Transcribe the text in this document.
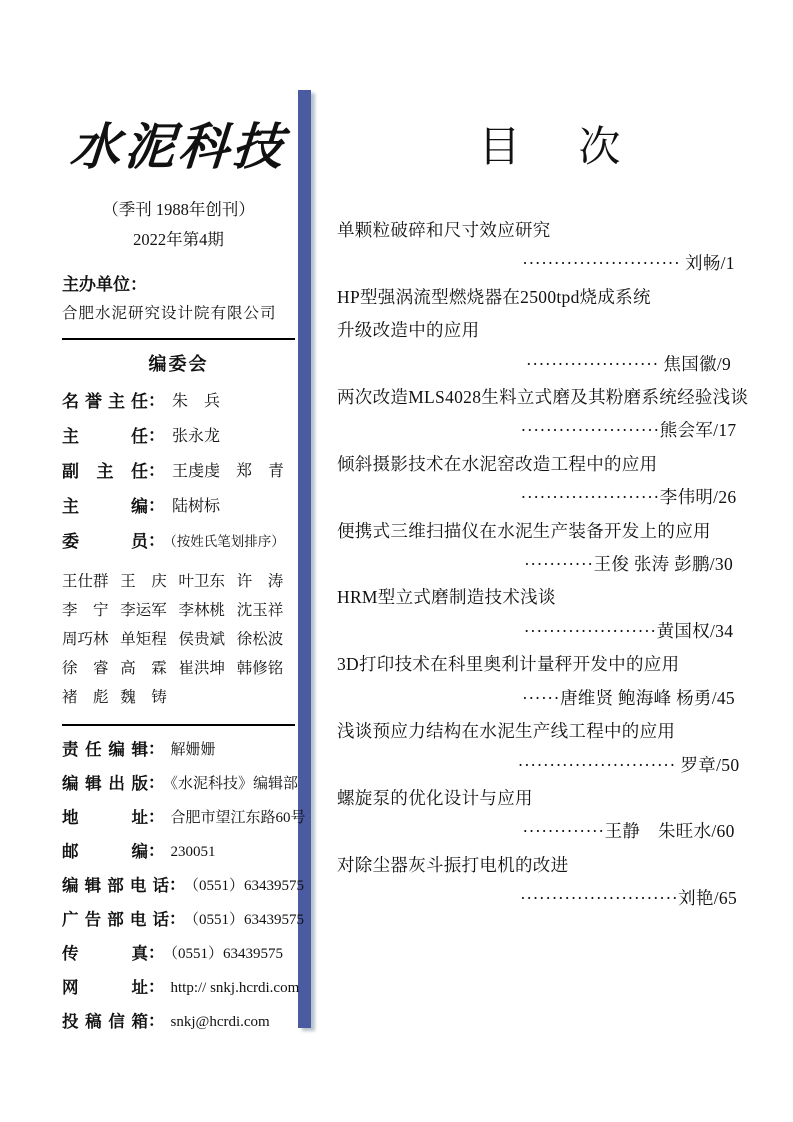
水泥科技
（季刊 1988年创刊）
2022年第4期
主办单位：
合肥水泥研究设计院有限公司
编委会
名誉主任： 朱　兵
主任： 张永龙
副主任： 王虔虔　郑　青
主编： 陆树标
委员： （按姓氏笔划排序）
王仕群 王　庆 叶卫东 许　涛
李　宁 李运军 李林桃 沈玉祥
周巧林 单矩程 侯贵斌 徐松波
徐　睿 高　霖 崔洪坤 韩修铭
褚　彪 魏　铸
责任编辑： 解姗姗
编辑出版： 《水泥科技》编辑部
地址： 合肥市望江东路60号
邮编： 230051
编辑部电话： （0551）63439575
广告部电话： （0551）63439575
传真： （0551）63439575
网址： http:// snkj.hcrdi.com
投稿信箱： snkj@hcrdi.com
目　次
单颗粒破碎和尺寸效应研究
························· 刘畅/1
HP型强涡流型燃烧器在2500tpd烧成系统
升级改造中的应用
····················· 焦国徽/9
两次改造MLS4028生料立式磨及其粉磨系统经验浅谈
······················熊会军/17
倾斜摄影技术在水泥窑改造工程中的应用
······················李伟明/26
便携式三维扫描仪在水泥生产装备开发上的应用
···········王俊 张涛 彭鹏/30
HRM型立式磨制造技术浅谈
·····················黄国权/34
3D打印技术在科里奥利计量秤开发中的应用
······唐维贤 鲍海峰 杨勇/45
浅谈预应力结构在水泥生产线工程中的应用
························· 罗章/50
螺旋泵的优化设计与应用
·············王静　朱旺水/60
对除尘器灰斗振打电机的改进
·························刘艳/65
